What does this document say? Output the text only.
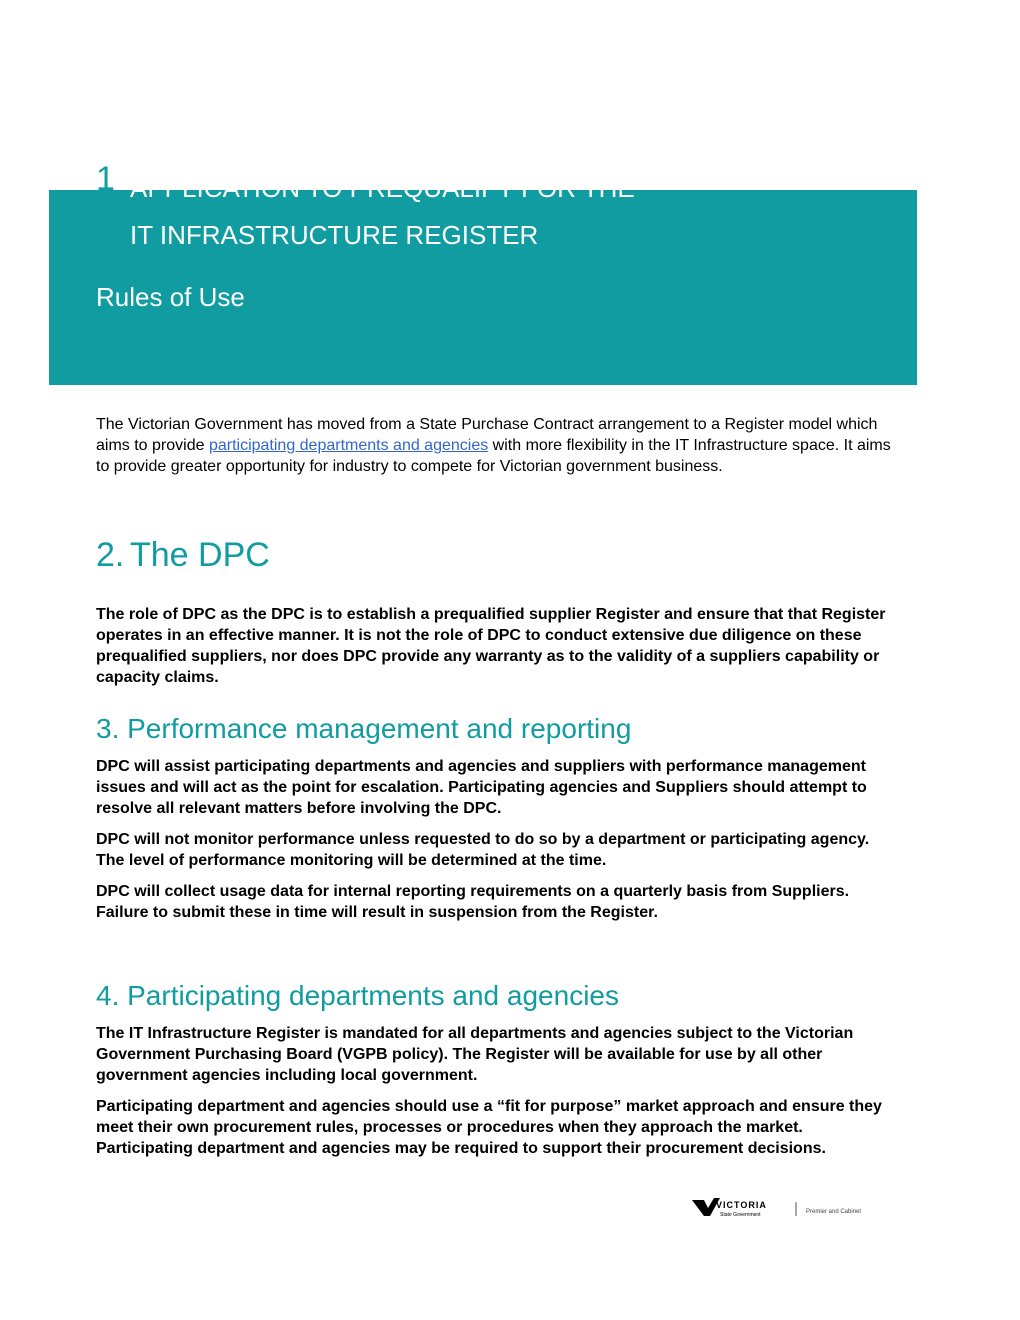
APPLICATION TO PREQUALIFY FOR THE
1
IT INFRASTRUCTURE REGISTER
Rules of Use

The Victorian Government has moved from a State Purchase Contract arrangement to a Register model which aims to provide participating departments and agencies with more flexibility in the IT Infrastructure space. It aims to provide greater opportunity for industry to compete for Victorian government business.

2. The DPC

The role of DPC as the DPC is to establish a prequalified supplier Register and ensure that that Register operates in an effective manner. It is not the role of DPC to conduct extensive due diligence on these prequalified suppliers, nor does DPC provide any warranty as to the validity of a suppliers capability or capacity claims.

3. Performance management and reporting

DPC will assist participating departments and agencies and suppliers with performance management issues and will act as the point for escalation. Participating agencies and Suppliers should attempt to resolve all relevant matters before involving the DPC.

DPC will not monitor performance unless requested to do so by a department or participating agency. The level of performance monitoring will be determined at the time.

DPC will collect usage data for internal reporting requirements on a quarterly basis from Suppliers. Failure to submit these in time will result in suspension from the Register.

4. Participating departments and agencies

The IT Infrastructure Register is mandated for all departments and agencies subject to the Victorian Government Purchasing Board (VGPB policy). The Register will be available for use by all other government agencies including local government.

Participating department and agencies should use a “fit for purpose” market approach and ensure they meet their own procurement rules, processes or procedures when they approach the market. Participating department and agencies may be required to support their procurement decisions.

VICTORIA
State Government	Premier and Cabinet
